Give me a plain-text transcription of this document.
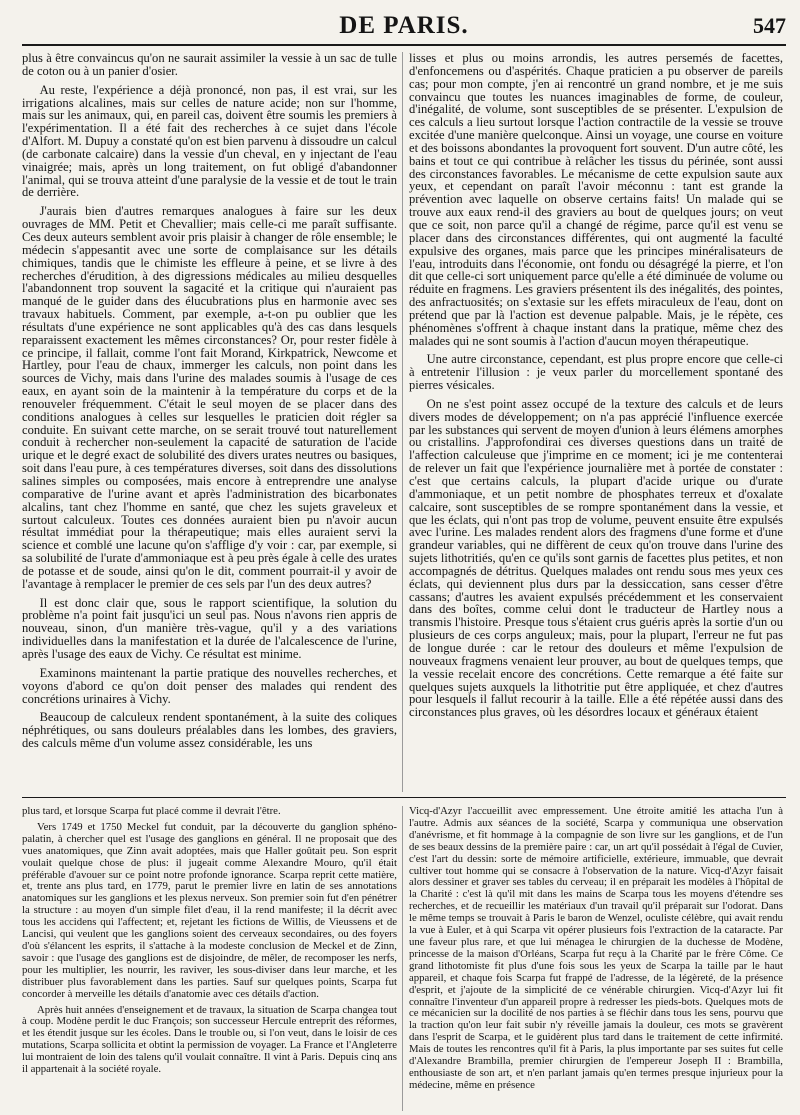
DE PARIS.	547

plus à être convaincus qu'on ne saurait assimiler la vessie à un sac de tulle de coton ou à un panier d'osier.

Au reste, l'expérience a déjà prononcé, non pas, il est vrai, sur les irrigations alcalines, mais sur celles de nature acide; non sur l'homme, mais sur les animaux, qui, en pareil cas, doivent être soumis les premiers à l'expérimentation. Il a été fait des recherches à ce sujet dans l'école d'Alfort. M. Dupuy a constaté qu'on est bien parvenu à dissoudre un calcul (de carbonate calcaire) dans la vessie d'un cheval, en y injectant de l'eau vinaigrée; mais, après un long traitement, on fut obligé d'abandonner l'animal, qui se trouva atteint d'une paralysie de la vessie et de tout le train de derrière.

J'aurais bien d'autres remarques analogues à faire sur les deux ouvrages de MM. Petit et Chevallier; mais celle-ci me paraît suffisante. Ces deux auteurs semblent avoir pris plaisir à changer de rôle ensemble; le médecin s'appesantit avec une sorte de complaisance sur les détails chimiques, tandis que le chimiste les effleure à peine, et se livre à des recherches d'érudition, à des digressions médicales au milieu desquelles l'abandonnent trop souvent la sagacité et la critique qui n'auraient pas manqué de le guider dans des élucubrations plus en harmonie avec ses travaux habituels. Comment, par exemple, a-t-on pu oublier que les résultats d'une expérience ne sont applicables qu'à des cas dans lesquels reparaissent exactement les mêmes circonstances? Or, pour rester fidèle à ce principe, il fallait, comme l'ont fait Morand, Kirkpatrick, Newcome et Hartley, pour l'eau de chaux, immerger les calculs, non point dans les sources de Vichy, mais dans l'urine des malades soumis à l'usage de ces eaux, en ayant soin de la maintenir à la température du corps et de la renouveler fréquemment. C'était le seul moyen de se placer dans des conditions analogues à celles sur lesquelles le praticien doit régler sa conduite. En suivant cette marche, on se serait trouvé tout naturellement conduit à rechercher non-seulement la capacité de saturation de l'acide urique et le degré exact de solubilité des divers urates neutres ou basiques, soit dans l'eau pure, à ces températures diverses, soit dans des dissolutions salines simples ou composées, mais encore à entreprendre une analyse comparative de l'urine avant et après l'administration des bicarbonates alcalins, tant chez l'homme en santé, que chez les sujets graveleux et surtout calculeux. Toutes ces données auraient bien pu n'avoir aucun résultat immédiat pour la thérapeutique; mais elles auraient servi la science et comblé une lacune qu'on s'afflige d'y voir : car, par exemple, si sa solubilité de l'urate d'ammoniaque est à peu près égale à celle des urates de potasse et de soude, ainsi qu'on le dit, comment pourrait-il y avoir de l'avantage à remplacer le premier de ces sels par l'un des deux autres?

Il est donc clair que, sous le rapport scientifique, la solution du problème n'a point fait jusqu'ici un seul pas. Nous n'avons rien appris de nouveau, sinon, d'un manière très-vague, qu'il y a des variations individuelles dans la manifestation et la durée de l'alcalescence de l'urine, après l'usage des eaux de Vichy. Ce résultat est minime.

Examinons maintenant la partie pratique des nouvelles recherches, et voyons d'abord ce qu'on doit penser des malades qui rendent des concrétions urinaires à Vichy.

Beaucoup de calculeux rendent spontanément, à la suite des coliques néphrétiques, ou sans douleurs préalables dans les lombes, des graviers, des calculs même d'un volume assez considérable, les uns

lisses et plus ou moins arrondis, les autres persemés de facettes, d'enfoncemens ou d'aspérités. Chaque praticien a pu observer de pareils cas; pour mon compte, j'en ai rencontré un grand nombre, et je me suis convaincu que toutes les nuances imaginables de forme, de couleur, d'inégalité, de volume, sont susceptibles de se présenter. L'expulsion de ces calculs a lieu surtout lorsque l'action contractile de la vessie se trouve excitée d'une manière quelconque. Ainsi un voyage, une course en voiture et des boissons abondantes la provoquent fort souvent. D'un autre côté, les bains et tout ce qui contribue à relâcher les tissus du périnée, sont aussi des circonstances favorables. Le mécanisme de cette expulsion saute aux yeux, et cependant on paraît l'avoir méconnu : tant est grande la prévention avec laquelle on observe certains faits! Un malade qui se trouve aux eaux rend-il des graviers au bout de quelques jours; on veut que ce soit, non parce qu'il a changé de régime, parce qu'il est venu se placer dans des circonstances différentes, qui ont augmenté la faculté expulsive des organes, mais parce que les principes minéralisateurs de l'eau, introduits dans l'économie, ont fondu ou désagrégé la pierre, et l'on dit que celle-ci sort uniquement parce qu'elle a été diminuée de volume ou réduite en fragmens. Les graviers présentent ils des inégalités, des pointes, des anfractuosités; on s'extasie sur les effets miraculeux de l'eau, dont on prétend que par là l'action est devenue palpable. Mais, je le répète, ces phénomènes s'offrent à chaque instant dans la pratique, même chez des malades qui ne sont soumis à l'action d'aucun moyen thérapeutique.

Une autre circonstance, cependant, est plus propre encore que celle-ci à entretenir l'illusion : je veux parler du morcellement spontané des pierres vésicales.

On ne s'est point assez occupé de la texture des calculs et de leurs divers modes de développement; on n'a pas apprécié l'influence exercée par les substances qui servent de moyen d'union à leurs élémens amorphes ou cristallins. J'approfondirai ces diverses questions dans un traité de l'affection calculeuse que j'imprime en ce moment; ici je me contenterai de relever un fait que l'expérience journalière met à portée de constater : c'est que certains calculs, la plupart d'acide urique ou d'urate d'ammoniaque, et un petit nombre de phosphates terreux et d'oxalate calcaire, sont susceptibles de se rompre spontanément dans la vessie, et que les éclats, qui n'ont pas trop de volume, peuvent ensuite être expulsés avec l'urine. Les malades rendent alors des fragmens d'une forme et d'une grandeur variables, qui ne diffèrent de ceux qu'on trouve dans l'urine des sujets lithotritiés, qu'en ce qu'ils sont garnis de facettes plus petites, et non accompagnés de détritus. Quelques malades ont rendu sous mes yeux ces éclats, qui deviennent plus durs par la dessiccation, sans cesser d'être cassans; d'autres les avaient expulsés précédemment et les conservaient dans des boîtes, comme celui dont le traducteur de Hartley nous a transmis l'histoire. Presque tous s'étaient crus guéris après la sortie d'un ou plusieurs de ces corps anguleux; mais, pour la plupart, l'erreur ne fut pas de longue durée : car le retour des douleurs et même l'expulsion de nouveaux fragmens venaient leur prouver, au bout de quelques temps, que la vessie recelait encore des concrétions. Cette remarque a été faite sur quelques sujets auxquels la lithotritie put être appliquée, et chez d'autres pour lesquels il fallut recourir à la taille. Elle a été répétée aussi dans des circonstances plus graves, où les désordres locaux et généraux étaient

plus tard, et lorsque Scarpa fut placé comme il devrait l'être.

Vers 1749 et 1750 Meckel fut conduit, par la découverte du ganglion sphéno-palatin, à chercher quel est l'usage des ganglions en général. Il ne proposait que des vues anatomiques, que Zinn avait adoptées, mais que Haller goûtait peu. Son esprit voulait quelque chose de plus: il jugeait comme Alexandre Mouro, qu'il était préférable d'avouer sur ce point notre profonde ignorance. Scarpa reprit cette matière, et, trente ans plus tard, en 1779, parut le premier livre en latin de ses annotations anatomiques sur les ganglions et les plexus nerveux. Son premier soin fut d'en pénétrer la structure : au moyen d'un simple filet d'eau, il la rend manifeste; il la décrit avec tous les accidens qui l'affectent; et, rejetant les fictions de Willis, de Vieussens et de Lancisi, qui veulent que les ganglions soient des cerveaux secondaires, ou des foyers d'où s'élancent les esprits, il s'attache à la modeste conclusion de Meckel et de Zinn, savoir : que l'usage des ganglions est de disjoindre, de mêler, de recomposer les nerfs, pour les multiplier, les nourrir, les raviver, les sous-diviser dans leur marche, et les distribuer plus favorablement dans les parties. Sauf sur quelques points, Scarpa fut concorder à merveille les détails d'anatomie avec ces détails d'action.

Après huit années d'enseignement et de travaux, la situation de Scarpa changea tout à coup. Modène perdit le duc François; son successeur Hercule entreprit des réformes, et les étendit jusque sur les écoles. Dans le trouble ou, si l'on veut, dans le loisir de ces mutations, Scarpa sollicita et obtint la permission de voyager. La France et l'Angleterre lui montraient de loin des talens qu'il voulait connaître. Il vint à Paris. Depuis cinq ans il appartenait à la société royale.

Vicq-d'Azyr l'accueillit avec empressement. Une étroite amitié les attacha l'un à l'autre. Admis aux séances de la société, Scarpa y communiqua une observation d'anévrisme, et fit hommage à la compagnie de son livre sur les ganglions, et de l'un de ses beaux dessins de la première paire : car, un art qu'il possédait à l'égal de Cuvier, c'est l'art du dessin: sorte de mémoire artificielle, extérieure, immuable, que devrait cultiver tout homme qui se consacre à l'observation de la nature. Vicq-d'Azyr faisait alors dessiner et graver ses tables du cerveau; il en préparait les modèles à l'hôpital de la Charité : c'est là qu'il mit dans les mains de Scarpa tous les moyens d'étendre ses recherches, et de recueillir les matériaux d'un travail qu'il préparait sur l'odorat. Dans le même temps se trouvait à Paris le baron de Wenzel, oculiste célèbre, qui avait rendu la vue à Euler, et à qui Scarpa vit opérer plusieurs fois l'extraction de la cataracte. Par une faveur plus rare, et que lui ménagea le chirurgien de la duchesse de Modène, princesse de la maison d'Orléans, Scarpa fut reçu à la Charité par le frère Côme. Ce grand lithotomiste fit plus d'une fois sous les yeux de Scarpa la taille par le haut appareil, et chaque fois Scarpa fut frappé de l'adresse, de la légèreté, de la présence d'esprit, et j'ajoute de la simplicité de ce vénérable chirurgien. Vicq-d'Azyr lui fit connaître l'inventeur d'un appareil propre à redresser les pieds-bots. Quelques mots de ce mécanicien sur la docilité de nos parties à se fléchir dans tous les sens, pourvu que la traction qu'on leur fait subir n'y réveille jamais la douleur, ces mots se gravèrent dans l'esprit de Scarpa, et le guidèrent plus tard dans le traitement de cette infirmité. Mais de toutes les rencontres qu'il fit à Paris, la plus importante par ses suites fut celle d'Alexandre Brambilla, premier chirurgien de l'empereur Joseph II : Brambilla, enthousiaste de son art, et n'en parlant jamais qu'en termes presque injurieux pour la médecine, même en présence
